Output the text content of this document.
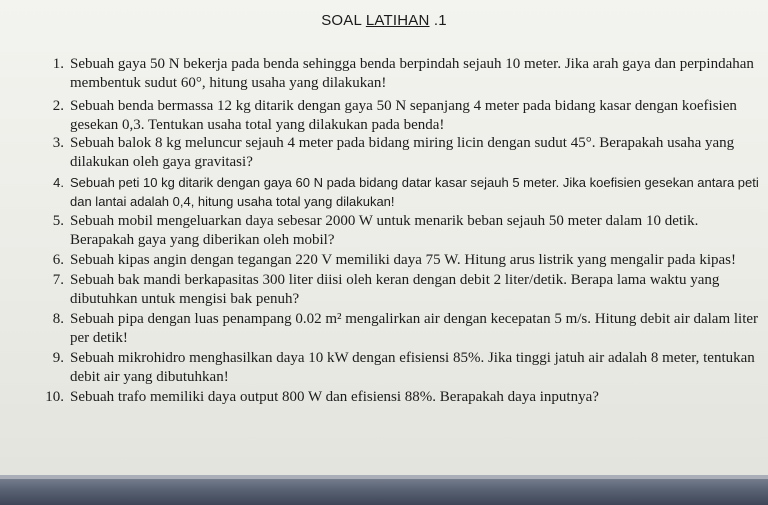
SOAL LATIHAN .1
1. Sebuah gaya 50 N bekerja pada benda sehingga benda berpindah sejauh 10 meter. Jika arah gaya dan perpindahan membentuk sudut 60°, hitung usaha yang dilakukan!
2. Sebuah benda bermassa 12 kg ditarik dengan gaya 50 N sepanjang 4 meter pada bidang kasar dengan koefisien gesekan 0,3. Tentukan usaha total yang dilakukan pada benda!
3. Sebuah balok 8 kg meluncur sejauh 4 meter pada bidang miring licin dengan sudut 45°. Berapakah usaha yang dilakukan oleh gaya gravitasi?
4. Sebuah peti 10 kg ditarik dengan gaya 60 N pada bidang datar kasar sejauh 5 meter. Jika koefisien gesekan antara peti dan lantai adalah 0,4, hitung usaha total yang dilakukan!
5. Sebuah mobil mengeluarkan daya sebesar 2000 W untuk menarik beban sejauh 50 meter dalam 10 detik. Berapakah gaya yang diberikan oleh mobil?
6. Sebuah kipas angin dengan tegangan 220 V memiliki daya 75 W. Hitung arus listrik yang mengalir pada kipas!
7. Sebuah bak mandi berkapasitas 300 liter diisi oleh keran dengan debit 2 liter/detik. Berapa lama waktu yang dibutuhkan untuk mengisi bak penuh?
8. Sebuah pipa dengan luas penampang 0.02 m² mengalirkan air dengan kecepatan 5 m/s. Hitung debit air dalam liter per detik!
9. Sebuah mikrohidro menghasilkan daya 10 kW dengan efisiensi 85%. Jika tinggi jatuh air adalah 8 meter, tentukan debit air yang dibutuhkan!
10. Sebuah trafo memiliki daya output 800 W dan efisiensi 88%. Berapakah daya inputnya?
